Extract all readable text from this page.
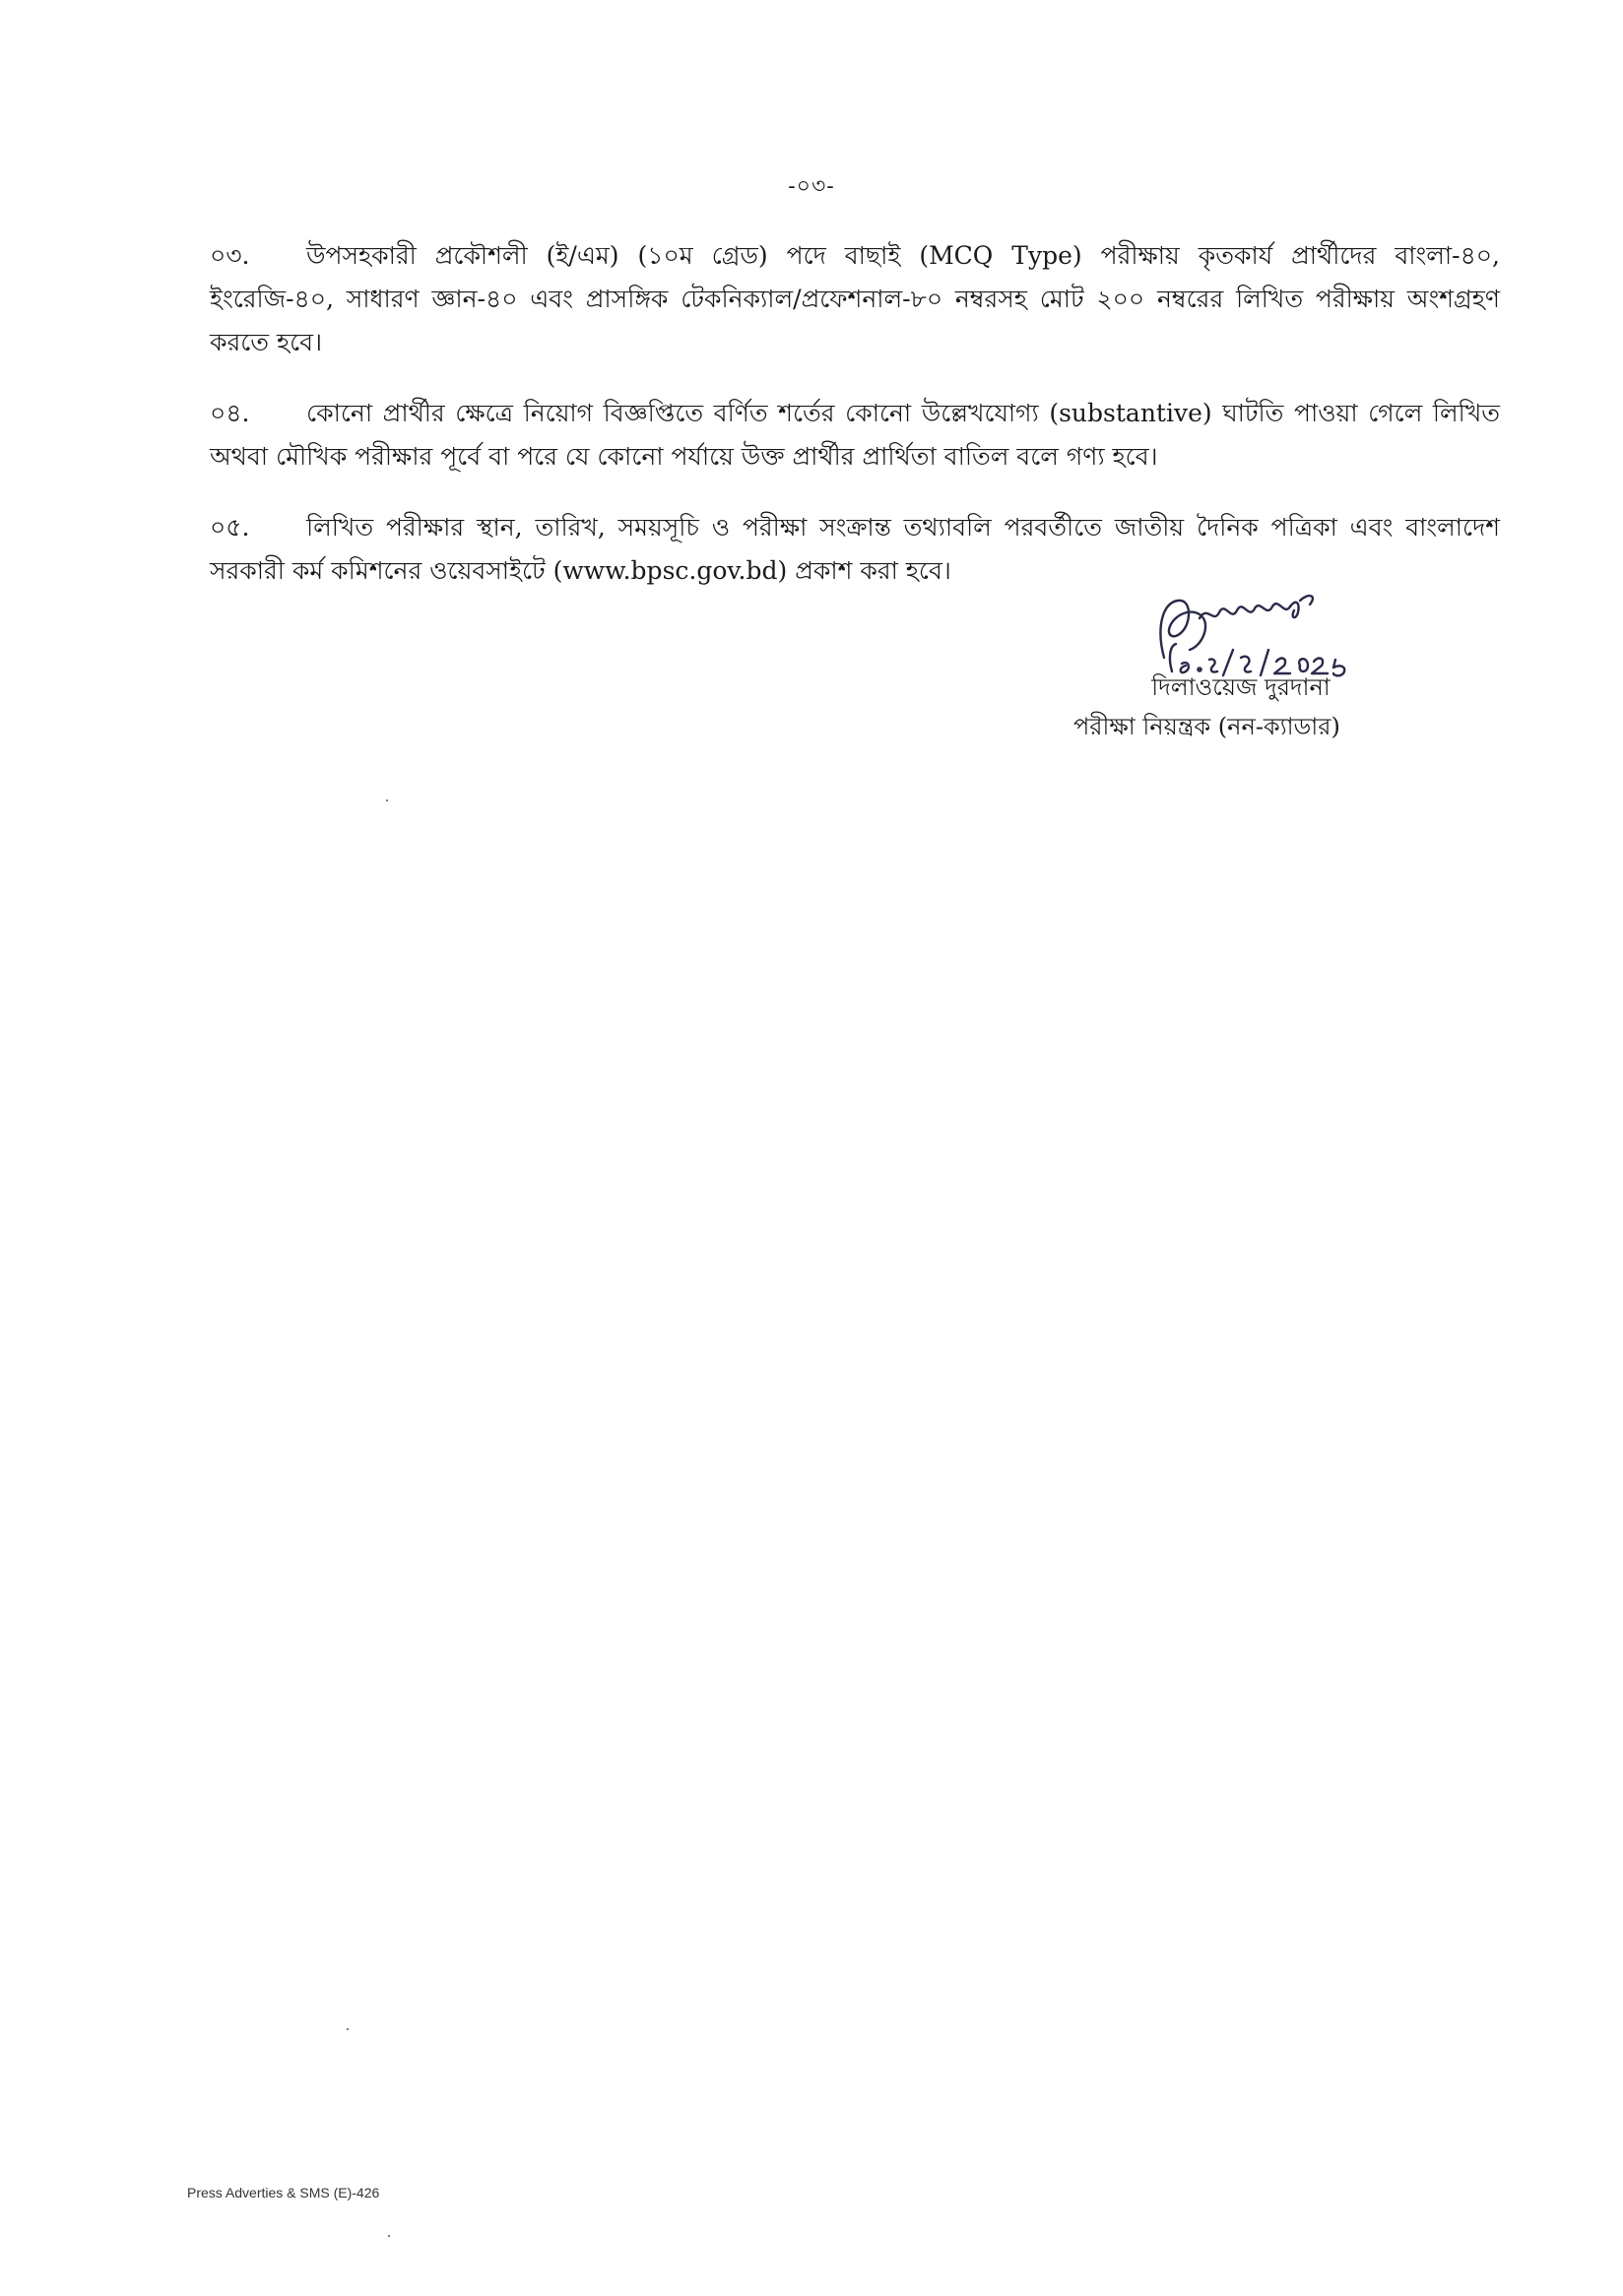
-০৩-

০৩. উপসহকারী প্রকৌশলী (ই/এম) (১০ম গ্রেড) পদে বাছাই (MCQ Type) পরীক্ষায় কৃতকার্য প্রার্থীদের বাংলা-৪০, ইংরেজি-৪০, সাধারণ জ্ঞান-৪০ এবং প্রাসঙ্গিক টেকনিক্যাল/প্রফেশনাল-৮০ নম্বরসহ মোট ২০০ নম্বরের লিখিত পরীক্ষায় অংশগ্রহণ করতে হবে।

০৪. কোনো প্রার্থীর ক্ষেত্রে নিয়োগ বিজ্ঞপ্তিতে বর্ণিত শর্তের কোনো উল্লেখযোগ্য (substantive) ঘাটতি পাওয়া গেলে লিখিত অথবা মৌখিক পরীক্ষার পূর্বে বা পরে যে কোনো পর্যায়ে উক্ত প্রার্থীর প্রার্থিতা বাতিল বলে গণ্য হবে।

০৫. লিখিত পরীক্ষার স্থান, তারিখ, সময়সূচি ও পরীক্ষা সংক্রান্ত তথ্যাবলি পরবর্তীতে জাতীয় দৈনিক পত্রিকা এবং বাংলাদেশ সরকারী কর্ম কমিশনের ওয়েবসাইটে (www.bpsc.gov.bd) প্রকাশ করা হবে।

দিলাওয়েজ দুরদানা
পরীক্ষা নিয়ন্ত্রক (নন-ক্যাডার)
Press Adverties & SMS (E)-426
